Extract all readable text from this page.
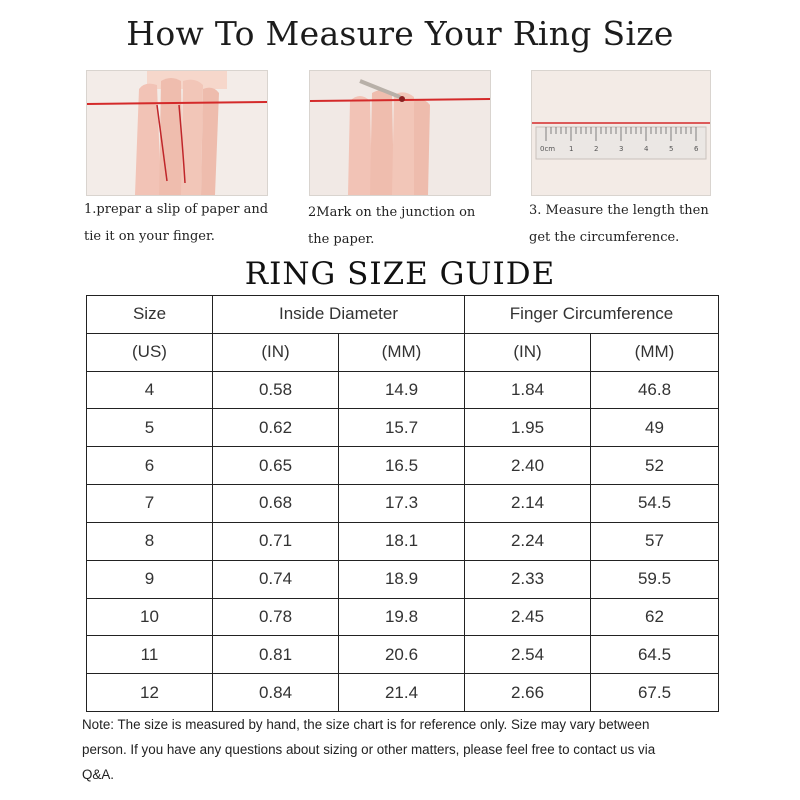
How To Measure Your Ring Size
0cm 1	2	3	4	5	6
1.prepar a slip of paper and
tie it on your finger.
2Mark on the junction on
the paper.
3. Measure the length then
get the circumference.
RING SIZE GUIDE
Size	Inside Diameter		Finger Circumference	
(US)	(IN)	(MM)	(IN)	(MM)
4	0.58	14.9	1.84	46.8
5	0.62	15.7	1.95	49
6	0.65	16.5	2.40	52
7	0.68	17.3	2.14	54.5
8	0.71	18.1	2.24	57
9	0.74	18.9	2.33	59.5
10	0.78	19.8	2.45	62
11	0.81	20.6	2.54	64.5
12	0.84	21.4	2.66	67.5
Note: The size is measured by hand, the size chart is for reference only. Size may vary between
person. If you have any questions about sizing or other matters, please feel free to contact us via
Q&A.
